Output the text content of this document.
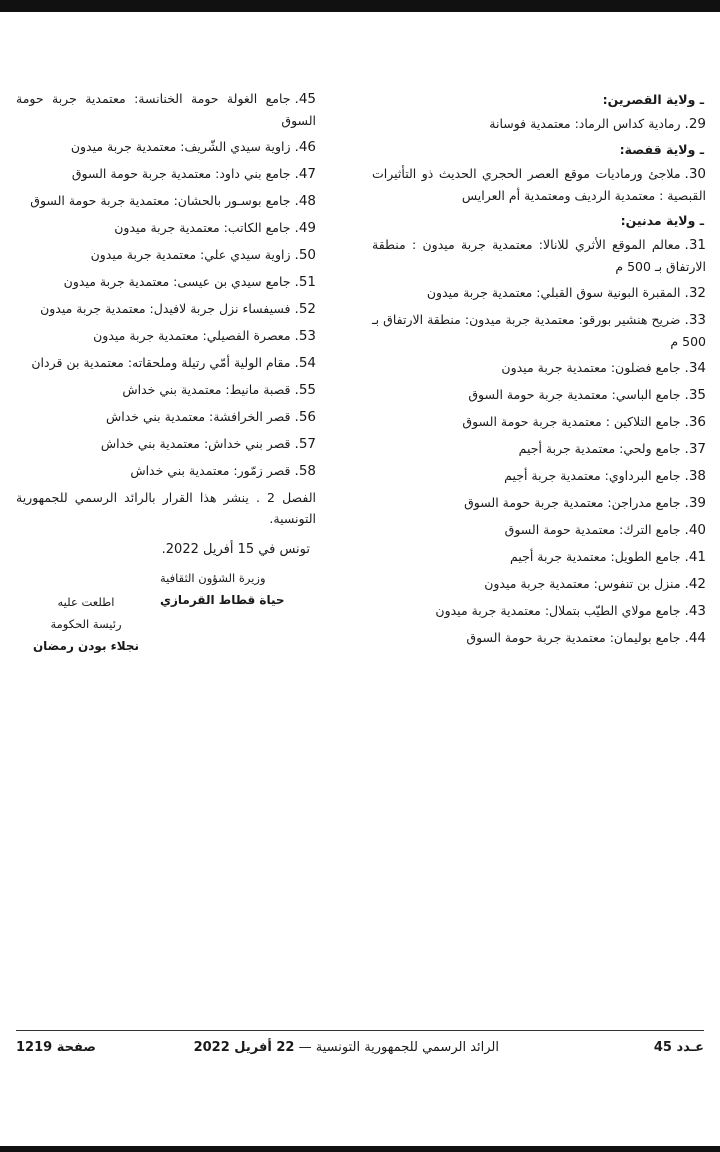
ـ ولاية القصرين:
29.رمادية كداس الرماد: معتمدية فوسانة
ـ ولاية قفصة:
30.ملاجئ ورماديات موقع العصر الحجري الحديث ذو التأثيرات القبصية : معتمدية الرديف ومعتمدية أم العرايس
ـ ولاية مدنين:
31.معالم الموقع الأثري للانالا: معتمدية جربة ميدون : منطقة الارتفاق بـ 500 م
32.المقبرة البونية سوق القبلي: معتمدية جربة ميدون
33.ضريح هنشير بورقو: معتمدية جربة ميدون: منطقة الارتفاق بـ 500 م
34.جامع فضلون: معتمدية جربة ميدون
35.جامع الباسي: معتمدية جربة حومة السوق
36.جامع التلاكين : معتمدية جربة حومة السوق
37.جامع ولحي: معتمدية جربة أجيم
38.جامع البرداوي: معتمدية جربة أجيم
39.جامع مدراجن: معتمدية جربة حومة السوق
40.جامع الترك: معتمدية حومة السوق
41.جامع الطويل: معتمدية جربة أجيم
42.منزل بن تنفوس: معتمدية جربة ميدون
43.جامع مولاي الطيّب بتملال: معتمدية جربة ميدون
44.جامع بوليمان: معتمدية جربة حومة السوق
45.جامع الغولة حومة الخنانسة: معتمدية جربة حومة السوق
46.زاوية سيدي الشّريف: معتمدية جربة ميدون
47.جامع بني داود: معتمدية جربة حومة السوق
48.جامع بوسـور بالحشان: معتمدية جربة حومة السوق
49.جامع الكاتب: معتمدية جربة ميدون
50.زاوية سيدي علي: معتمدية جربة ميدون
51.جامع سيدي بن عيسى: معتمدية جربة ميدون
52.فسيفساء نزل جربة لافيدل: معتمدية جربة ميدون
53.معصرة الفصيلي: معتمدية جربة ميدون
54.مقام الولية أمّي رتيلة وملحقاته: معتمدية بن قردان
55.قصبة مانيط: معتمدية بني خداش
56.قصر الخرافشة: معتمدية بني خداش
57.قصر بني خداش: معتمدية بني خداش
58.قصر زمّور: معتمدية بني خداش

الفصل 2 . ينشر هذا القرار بالرائد الرسمي للجمهورية التونسية.

تونس في 15 أفريل 2022.
وزيرة الشؤون الثقافية
حياة قطاط القرمازي
اطلعت عليه
رئيسة الحكومة
نجلاء بودن رمضان
عـدد 45
الرائد الرسمي للجمهورية التونسية — 22 أفريل 2022
صفحة 1219
